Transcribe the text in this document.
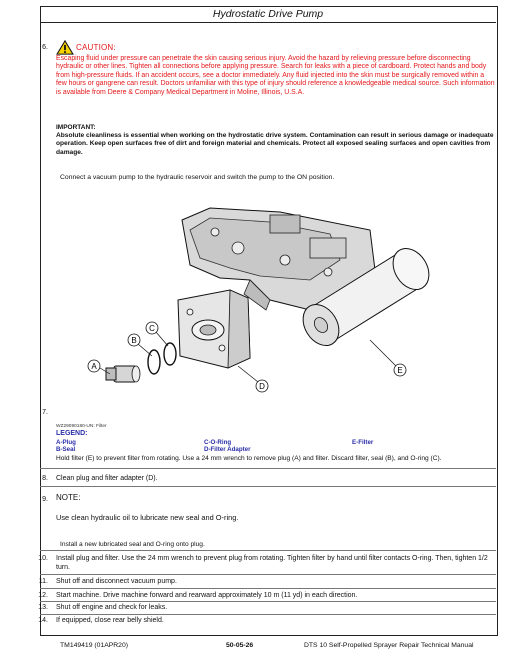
Hydrostatic Drive Pump
6.	CAUTION:
Escaping fluid under pressure can penetrate the skin causing serious injury. Avoid the hazard by relieving pressure before disconnecting hydraulic or other lines. Tighten all connections before applying pressure. Search for leaks with a piece of cardboard. Protect hands and body from high-pressure fluids. If an accident occurs, see a doctor immediately. Any fluid injected into the skin must be surgically removed within a few hours or gangrene can result. Doctors unfamiliar with this type of injury should reference a knowledgeable medical source. Such information is available from Deere & Company Medical Department in Moline, Illinois, U.S.A.
IMPORTANT:
Absolute cleanliness is essential when working on the hydrostatic drive system. Contamination can result in serious damage or inadequate operation. Keep open surfaces free of dirt and foreign material and chemicals. Protect all exposed sealing surfaces and open cavities from damage.
Connect a vacuum pump to the hydraulic reservoir and switch the pump to the ON position.
A
B
C
D
E
7.
WZ29090180-UN: Filter
LEGEND:
A-Plug
B-Seal
C-O-Ring
D-Filter Adapter
E-Filter
Hold filter (E) to prevent filter from rotating. Use a 24 mm wrench to remove plug (A) and filter. Discard filter, seal (B), and O-ring (C).
8. Clean plug and filter adapter (D).
9. NOTE:
Use clean hydraulic oil to lubricate new seal and O-ring.
Install a new lubricated seal and O-ring onto plug.
10. Install plug and filter. Use the 24 mm wrench to prevent plug from rotating. Tighten filter by hand until filter contacts O-ring. Then, tighten 1/2 turn.
11. Shut off and disconnect vacuum pump.
12. Start machine. Drive machine forward and rearward approximately 10 m (11 yd) in each direction.
13. Shut off engine and check for leaks.
14. If equipped, close rear belly shield.
TM149419 (01APR20)	50-05-26	DTS 10 Self-Propelled Sprayer Repair Technical Manual
